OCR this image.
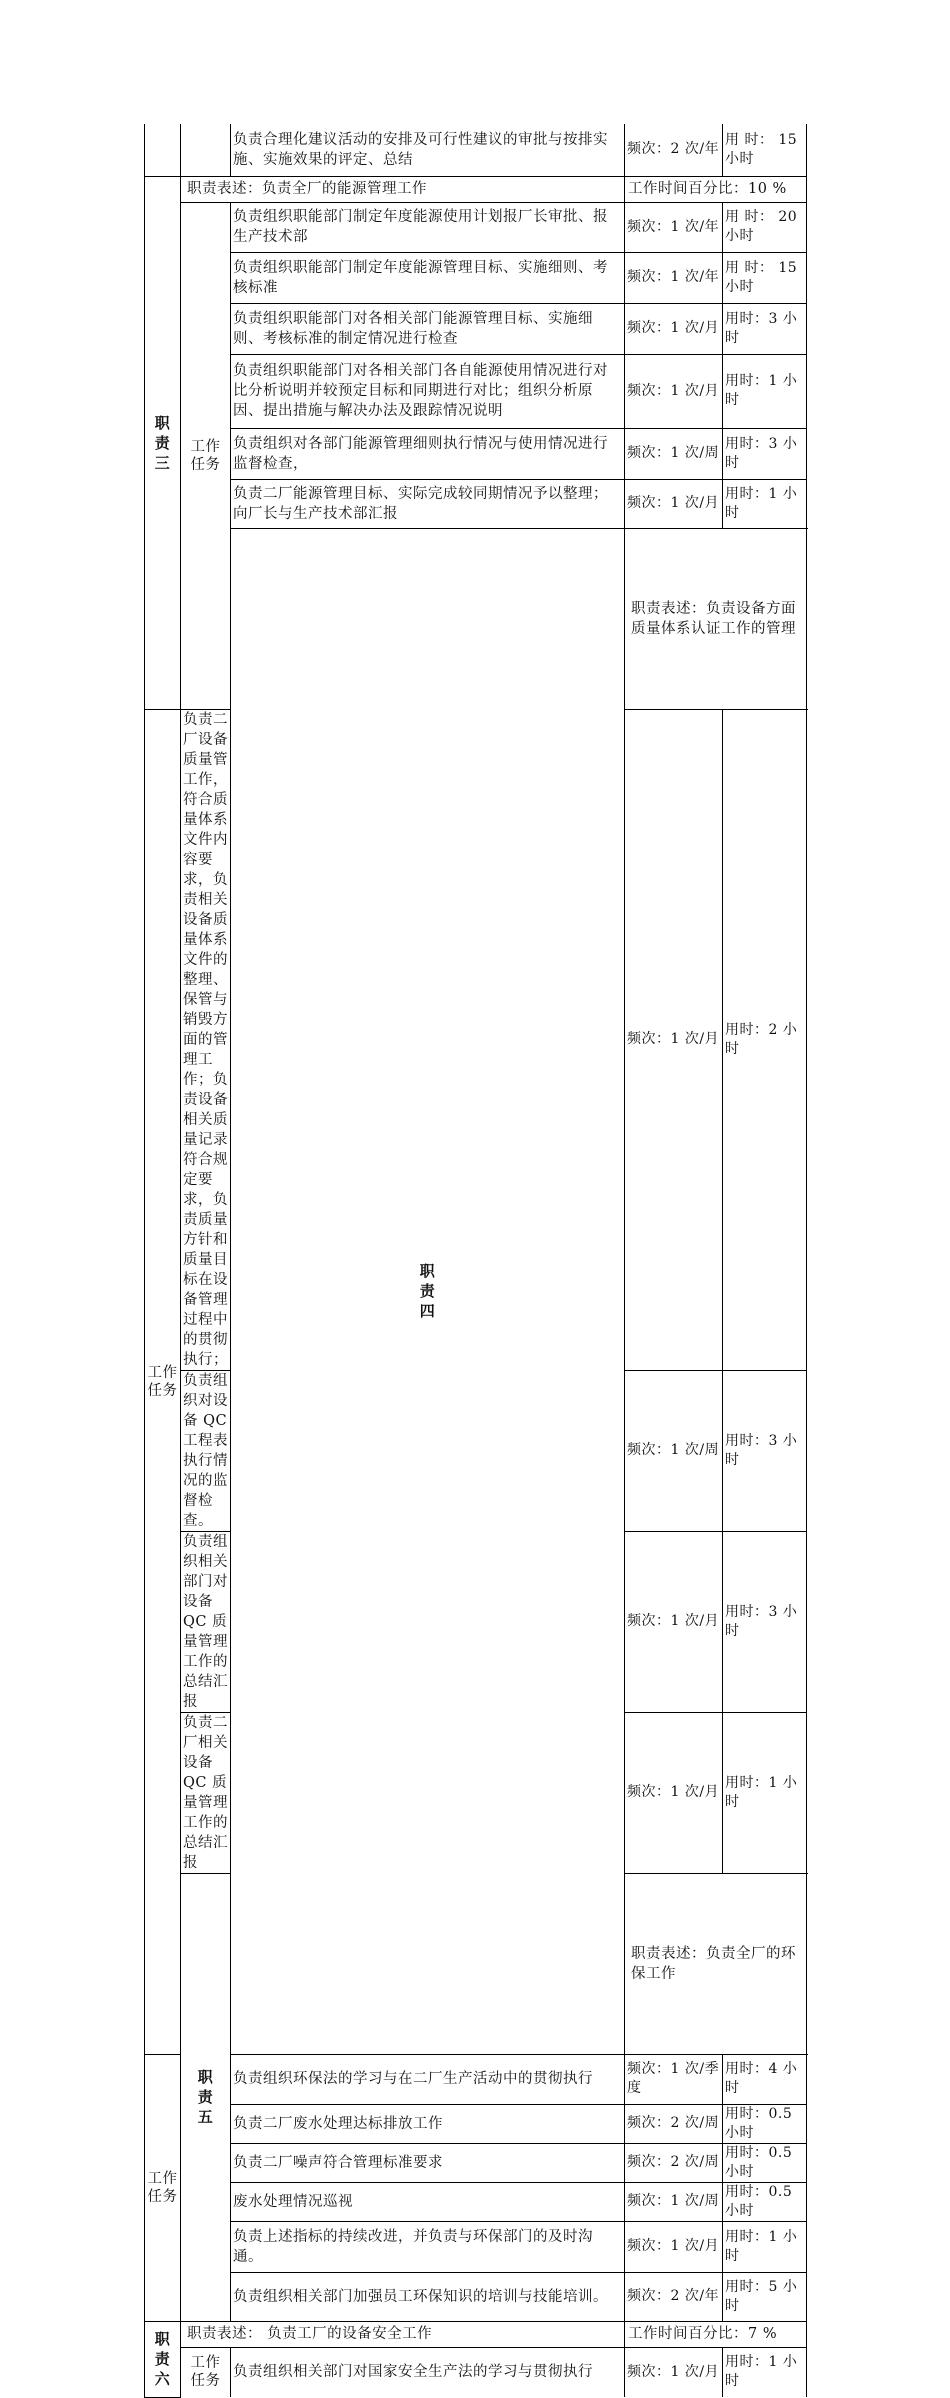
		负责合理化建议活动的安排及可行性建议的审批与按排实施、实施效果的评定、总结	频次：2 次/年	用 时： 15 小时	

职责三	职责表述：负责全厂的能源管理工作		工作时间百分比：10 %		

	工作任务	负责组织职能部门制定年度能源使用计划报厂长审批、报生产技术部	频次：1 次/年	用 时： 20 小时	
		负责组织职能部门制定年度能源管理目标、实施细则、考核标准	频次：1 次/年	用 时： 15 小时	
		负责组织职能部门对各相关部门能源管理目标、实施细则、考核标准的制定情况进行检查	频次：1 次/月	用时：3 小时	
		负责组织职能部门对各相关部门各自能源使用情况进行对比分析说明并较预定目标和同期进行对比；组织分析原因、提出措施与解决办法及跟踪情况说明	频次：1 次/月	用时：1 小时	
		负责组织对各部门能源管理细则执行情况与使用情况进行监督检查，	频次：1 次/周	用时：3 小时	
		负责二厂能源管理目标、实际完成较同期情况予以整理；向厂长与生产技术部汇报	频次：1 次/月	用时：1 小时	

		职责四	职责表述：负责设备方面质量体系认证工作的管理	

工作任务	负责二厂设备质量管工作，符合质量体系文件内容要求，负责相关设备质量体系文件的整理、保管与销毁方面的管理工作；负责设备相关质量记录符合规定要求，负责质量方针和质量目标在设备管理过程中的贯彻执行；		频次：1 次/月	用时：2 小时	
	负责组织对设备 QC 工程表执行情况的监督检查。		频次：1 次/周	用时：3 小时	
	负责组织相关部门对设备 QC 质量管理工作的总结汇报		频次：1 次/月	用时：3 小时	
	负责二厂相关设备 QC 质量管理工作的总结汇报		频次：1 次/月	用时：1 小时	

	职责五		职责表述：负责全厂的环保工作	

工作任务		负责组织环保法的学习与在二厂生产活动中的贯彻执行	频次：1 次/季度	用时：4 小时	
		负责二厂废水处理达标排放工作	频次：2 次/周	用时：0.5 小时	
		负责二厂噪声符合管理标准要求	频次：2 次/周	用时：0.5 小时	
		废水处理情况巡视	频次：1 次/周	用时：0.5 小时	
		负责上述指标的持续改进，并负责与环保部门的及时沟通。	频次：1 次/月	用时：1 小时	
		负责组织相关部门加强员工环保知识的培训与技能培训。	频次：2 次/年	用时：5 小时	

职责六	职责表述： 负责工厂的设备安全工作		工作时间百分比：7 %		

	工作任务	负责组织相关部门对国家安全生产法的学习与贯彻执行	频次：1 次/月	用时：1 小时	
